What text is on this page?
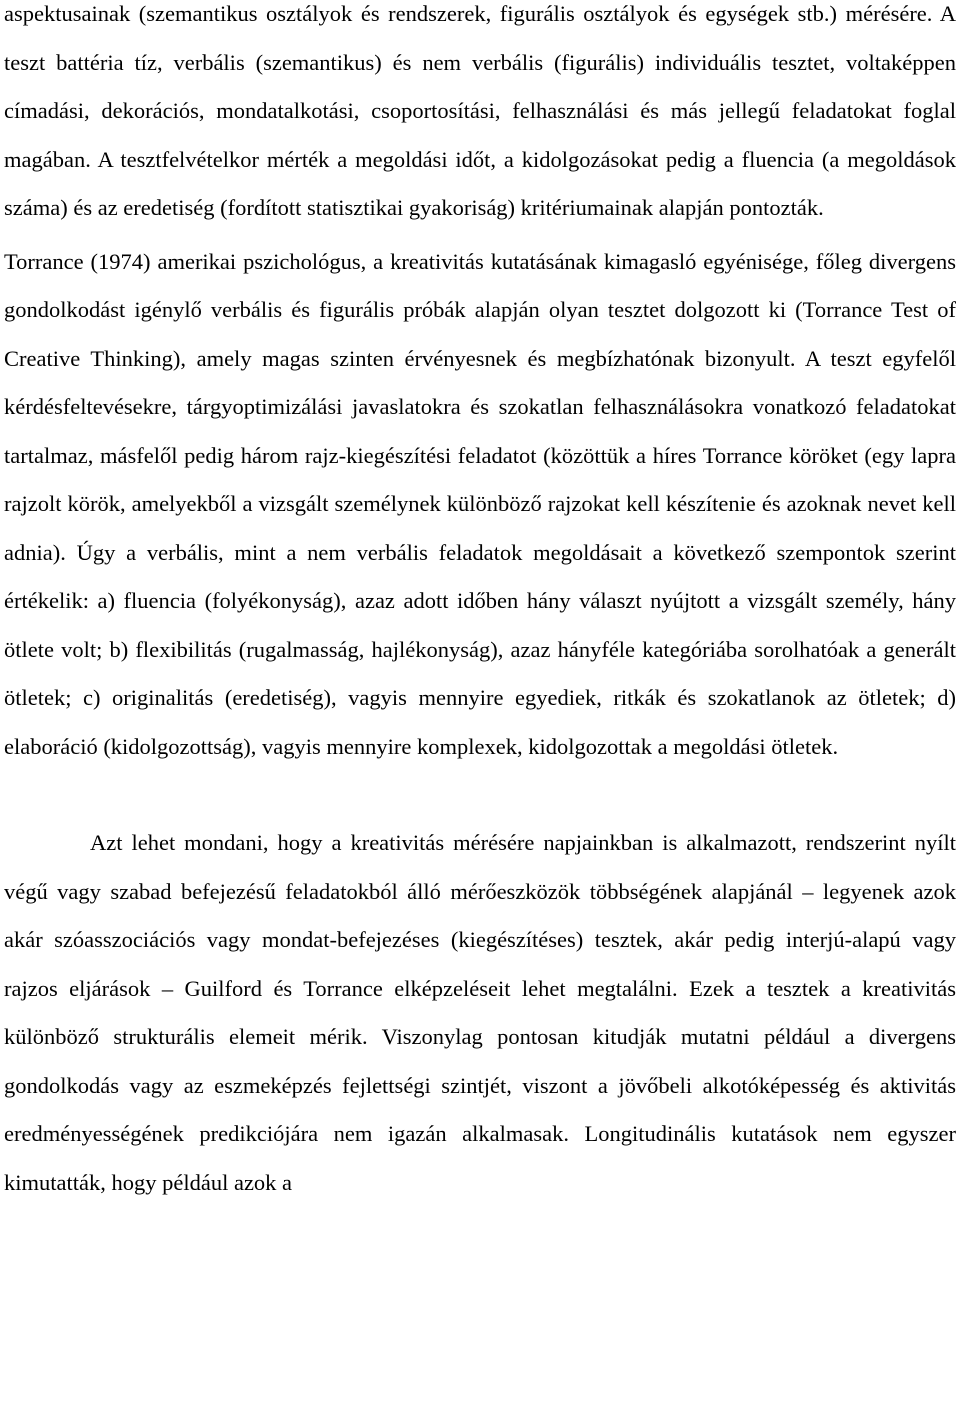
aspektusainak (szemantikus osztályok és rendszerek, figurális osztályok és egységek stb.) mérésére. A teszt battéria tíz, verbális (szemantikus) és nem verbális (figurális) individuális tesztet, voltaképpen címadási, dekorációs, mondatalkotási, csoportosítási, felhasználási és más jellegű feladatokat foglal magában. A tesztfelvételkor mérték a megoldási időt, a kidolgozásokat pedig a fluencia (a megoldások száma) és az eredetiség (fordított statisztikai gyakoriság) kritériumainak alapján pontozták.

Torrance (1974) amerikai pszichológus, a kreativitás kutatásának kimagasló egyénisége, főleg divergens gondolkodást igénylő verbális és figurális próbák alapján olyan tesztet dolgozott ki (Torrance Test of Creative Thinking), amely magas szinten érvényesnek és megbízhatónak bizonyult. A teszt egyfelől kérdésfeltevésekre, tárgyoptimizálási javaslatokra és szokatlan felhasználásokra vonatkozó feladatokat tartalmaz, másfelől pedig három rajz-kiegészítési feladatot (közöttük a híres Torrance köröket (egy lapra rajzolt körök, amelyekből a vizsgált személynek különböző rajzokat kell készítenie és azoknak nevet kell adnia). Úgy a verbális, mint a nem verbális feladatok megoldásait a következő szempontok szerint értékelik: a) fluencia (folyékonyság), azaz adott időben hány választ nyújtott a vizsgált személy, hány ötlete volt; b) flexibilitás (rugalmasság, hajlékonyság), azaz hányféle kategóriába sorolhatóak a generált ötletek; c) originalitás (eredetiség), vagyis mennyire egyediek, ritkák és szokatlanok az ötletek; d) elaboráció (kidolgozottság), vagyis mennyire komplexek, kidolgozottak a megoldási ötletek.

Azt lehet mondani, hogy a kreativitás mérésére napjainkban is alkalmazott, rendszerint nyílt végű vagy szabad befejezésű feladatokból álló mérőeszközök többségének alapjánál – legyenek azok akár szóasszociációs vagy mondat-befejezéses (kiegészítéses) tesztek, akár pedig interjú-alapú vagy rajzos eljárások – Guilford és Torrance elképzeléseit lehet megtalálni. Ezek a tesztek a kreativitás különböző strukturális elemeit mérik. Viszonylag pontosan kitudják mutatni például a divergens gondolkodás vagy az eszmeképzés fejlettségi szintjét, viszont a jövőbeli alkotóképesség és aktivitás eredményességének predikciójára nem igazán alkalmasak. Longitudinális kutatások nem egyszer kimutatták, hogy például azok a
